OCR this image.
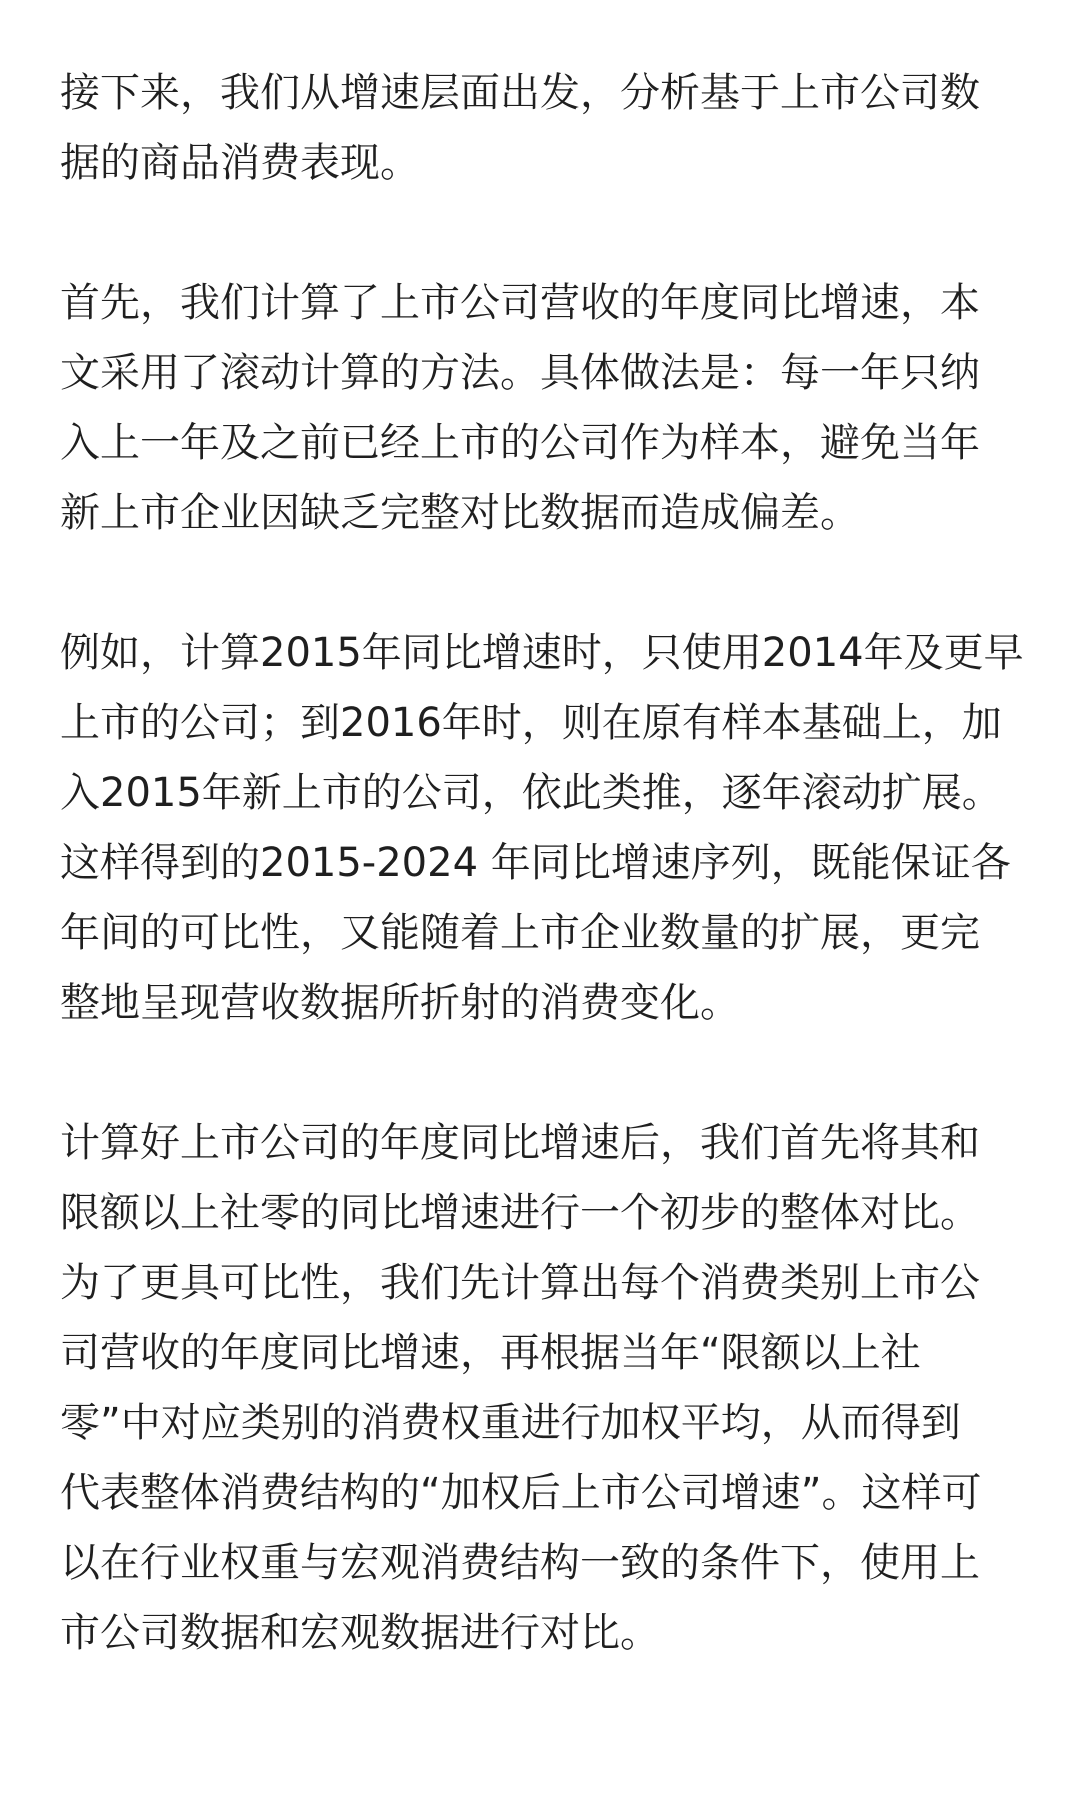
接下来，我们从增速层面出发，分析基于上市公司数
据的商品消费表现。
首先，我们计算了上市公司营收的年度同比增速，本
文采用了滚动计算的方法。具体做法是：每一年只纳
入上一年及之前已经上市的公司作为样本，避免当年
新上市企业因缺乏完整对比数据而造成偏差。
例如，计算2015年同比增速时，只使用2014年及更早
上市的公司；到2016年时，则在原有样本基础上，加
入2015年新上市的公司，依此类推，逐年滚动扩展。
这样得到的2015-2024 年同比增速序列，既能保证各
年间的可比性，又能随着上市企业数量的扩展，更完
整地呈现营收数据所折射的消费变化。
计算好上市公司的年度同比增速后，我们首先将其和
限额以上社零的同比增速进行一个初步的整体对比。
为了更具可比性，我们先计算出每个消费类别上市公
司营收的年度同比增速，再根据当年“限额以上社
零”中对应类别的消费权重进行加权平均，从而得到
代表整体消费结构的“加权后上市公司增速”。这样可
以在行业权重与宏观消费结构一致的条件下，使用上
市公司数据和宏观数据进行对比。
